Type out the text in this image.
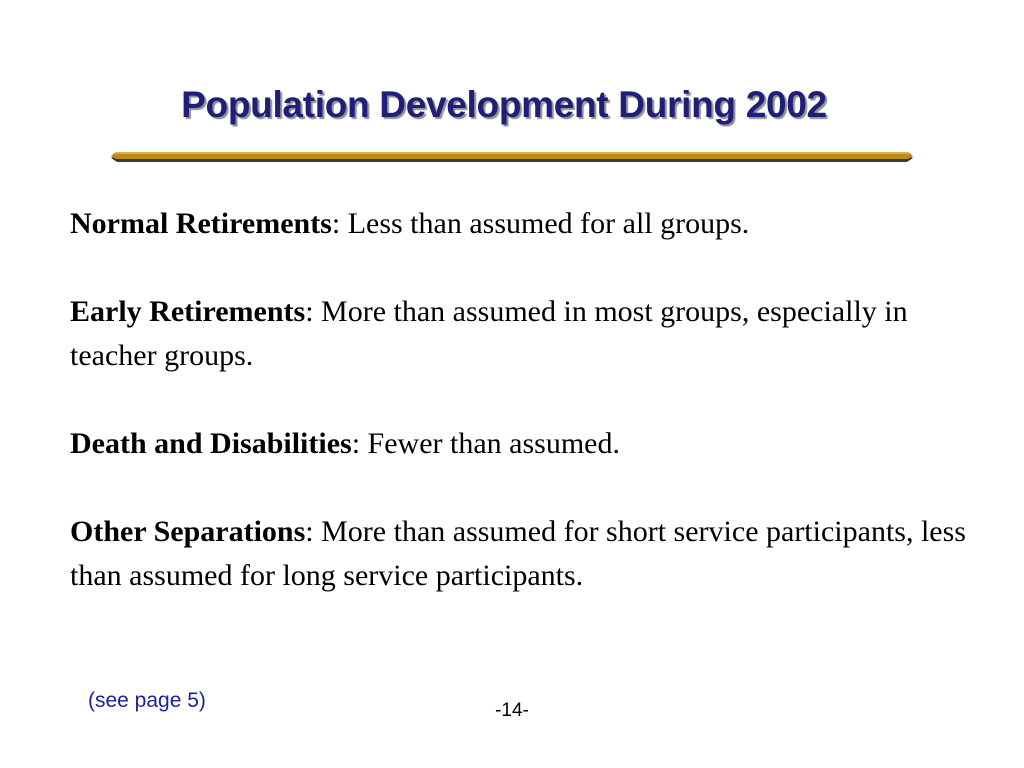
Population Development During 2002

Normal Retirements: Less than assumed for all groups.

Early Retirements: More than assumed in most groups, especially in teacher groups.

Death and Disabilities: Fewer than assumed.

Other Separations: More than assumed for short service participants, less than assumed for long service participants.

(see page 5)	-14-
